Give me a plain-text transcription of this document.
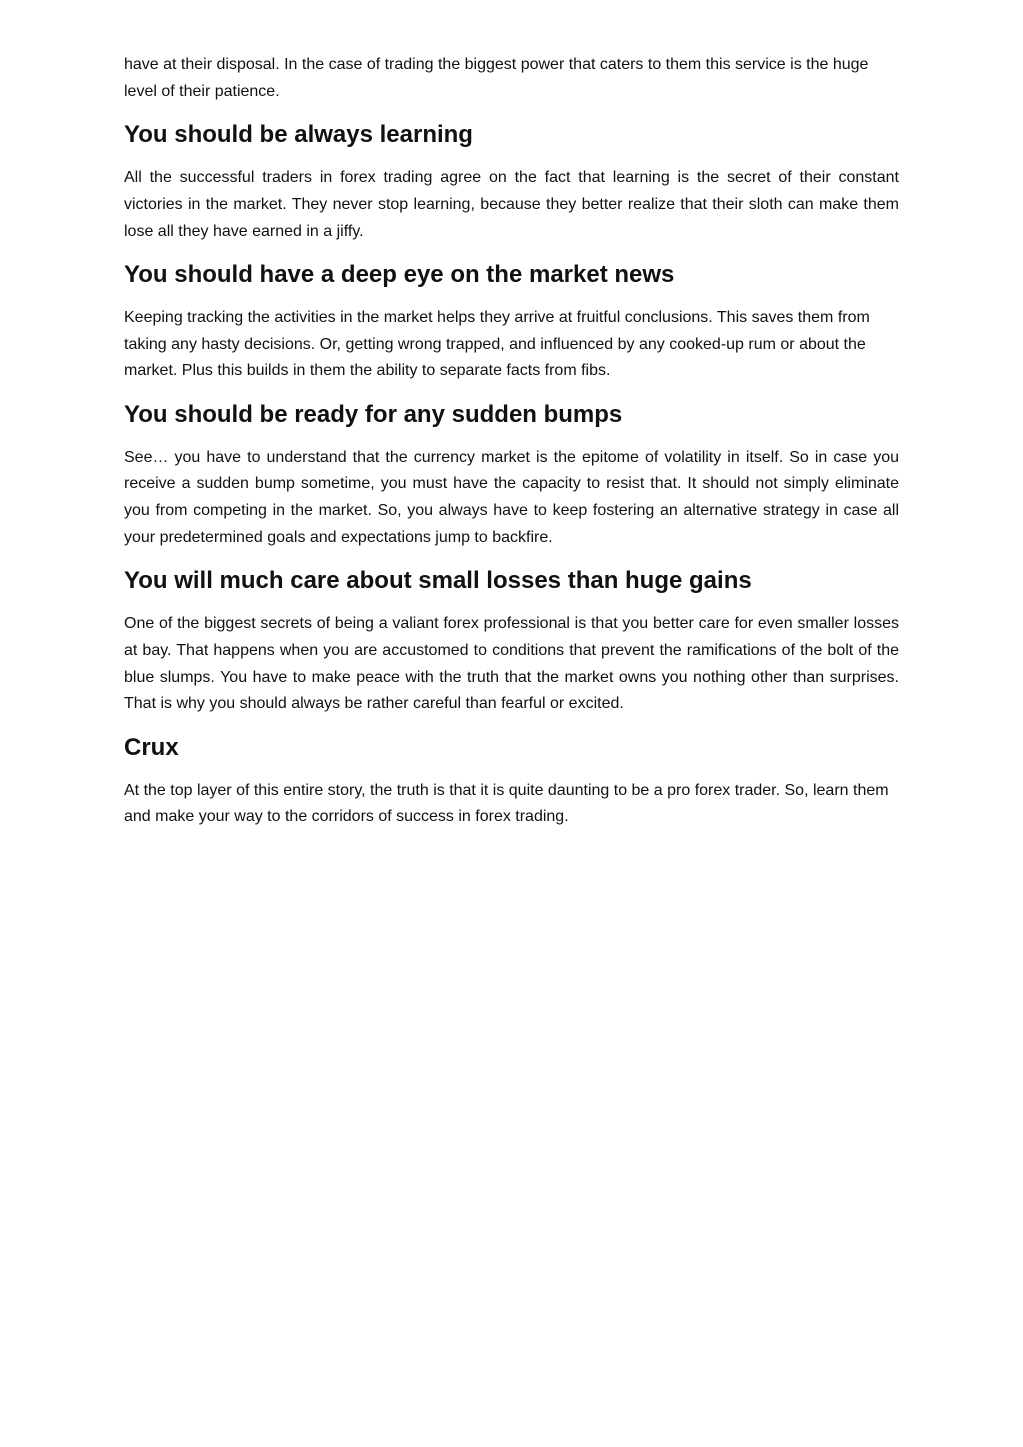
have at their disposal. In the case of trading the biggest power that caters to them this service is the huge level of their patience.

You should be always learning

All the successful traders in forex trading agree on the fact that learning is the secret of their constant victories in the market. They never stop learning, because they better realize that their sloth can make them lose all they have earned in a jiffy.

You should have a deep eye on the market news

Keeping tracking the activities in the market helps they arrive at fruitful conclusions. This saves them from taking any hasty decisions. Or, getting wrong trapped, and influenced by any cooked-up rum or about the market. Plus this builds in them the ability to separate facts from fibs.

You should be ready for any sudden bumps

See… you have to understand that the currency market is the epitome of volatility in itself. So in case you receive a sudden bump sometime, you must have the capacity to resist that. It should not simply eliminate you from competing in the market. So, you always have to keep fostering an alternative strategy in case all your predetermined goals and expectations jump to backfire.

You will much care about small losses than huge gains

One of the biggest secrets of being a valiant forex professional is that you better care for even smaller losses at bay. That happens when you are accustomed to conditions that prevent the ramifications of the bolt of the blue slumps. You have to make peace with the truth that the market owns you nothing other than surprises. That is why you should always be rather careful than fearful or excited.

Crux

At the top layer of this entire story, the truth is that it is quite daunting to be a pro forex trader. So, learn them and make your way to the corridors of success in forex trading.
